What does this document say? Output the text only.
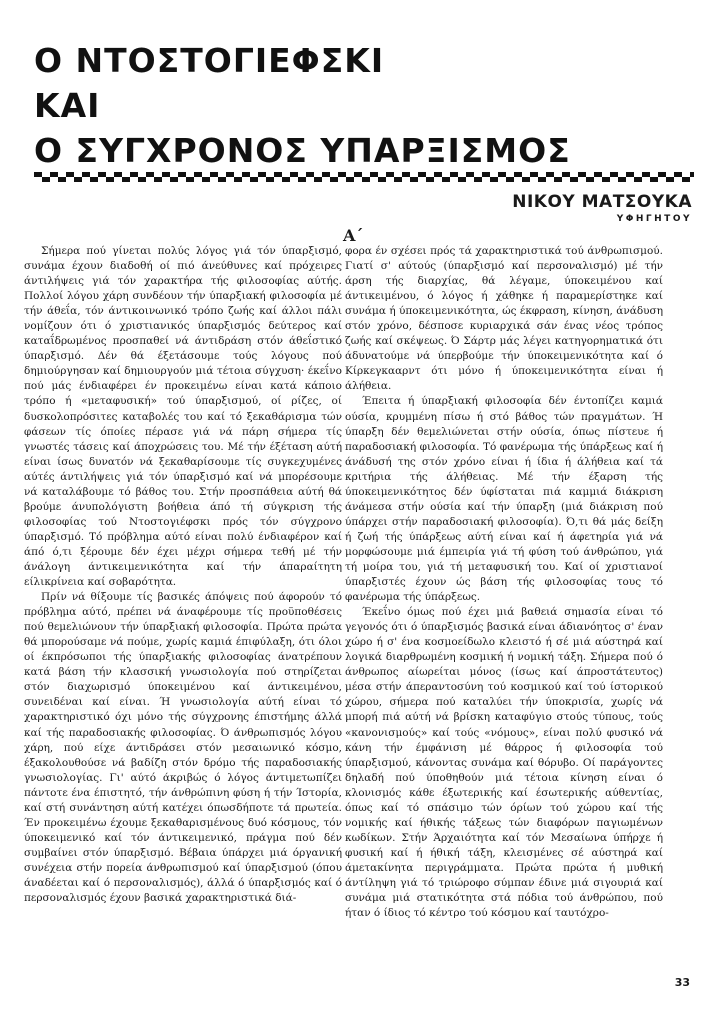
Ο ΝΤΟΣΤΟΓΙΕΦΣΚΙ
ΚΑΙ
Ο ΣΥΓΧΡΟΝΟΣ ΥΠΑΡΞΙΣΜΟΣ
ΝΙΚΟΥ ΜΑΤΣΟΥΚΑ
ΥΦΗΓΗΤΟΥ
Α΄

Σήμερα πού γίνεται πολύς λόγος γιά τόν ύπαρξισμό, συνάμα έχουν διαδοθή οί πιό άνεύθυνες καί πρόχειρες άντιλήψεις γιά τόν χαρακτήρα τής φιλοσοφίας αύτής. Πολλοί λόγου χάρη συνδέουν τήν ύπαρξιακή φιλοσοφία μέ τήν άθεΐα, τόν άντικοινωνικό τρόπο ζωής καί άλλοι πάλι νομίζουν ότι ό χριστιανικός ύπαρξισμός δεύτερος καί καταΐδρωμένος προσπαθεί νά άντιδράση στόν άθεΐστικό ύπαρξισμό. Δέν θά έξετάσουμε τούς λόγους πού δημιούργησαν καί δημιουργούν μιά τέτοια σύγχυση· έκεΐνο πού μάς ένδιαφέρει έν προκειμένω είναι κατά κάποιο τρόπο ή «μεταφυσική» τού ύπαρξισμού, οί ρίζες, οί δυσκολοπρόσιτες καταβολές του καί τό ξεκαθάρισμα τών φάσεων τίς όποίες πέρασε γιά νά πάρη σήμερα τίς γνωστές τάσεις καί άποχρώσεις του. Μέ τήν έξέταση αύτή είναι ίσως δυνατόν νά ξεκαθαρίσουμε τίς συγκεχυμένες αύτές άντιλήψεις γιά τόν ύπαρξισμό καί νά μπορέσουμε νά καταλάβουμε τό βάθος του. Στήν προσπάθεια αύτή θά βρούμε άνυπολόγιστη βοήθεια άπό τή σύγκριση τής φιλοσοφίας τού Ντοστογιέφσκι πρός τόν σύγχρονο ύπαρξισμό. Τό πρόβλημα αύτό είναι πολύ ένδιαφέρον καί άπό ό,τι ξέρουμε δέν έχει μέχρι σήμερα τεθή μέ τήν άνάλογη άντικειμενικότητα καί τήν άπαραίτητη είλικρίνεια καί σοβαρότητα.

Πρίν νά θίξουμε τίς βασικές άπόψεις πού άφορούν τό πρόβλημα αύτό, πρέπει νά άναφέρουμε τίς προϋποθέσεις πού θεμελιώνουν τήν ύπαρξιακή φιλοσοφία. Πρώτα πρώτα θά μπορούσαμε νά πούμε, χωρίς καμιά έπιφύλαξη, ότι όλοι οί έκπρόσωποι τής ύπαρξιακής φιλοσοφίας άνατρέπουν κατά βάση τήν κλασσική γνωσιολογία πού στηρίζεται στόν διαχωρισμό ύποκειμένου καί άντικειμένου, συνειδέναι καί είναι. Ή γνωσιολογία αύτή είναι τό χαρακτηριστικό όχι μόνο τής σύγχρονης έπιστήμης άλλά καί τής παραδοσιακής φιλοσοφίας. Ό άνθρωπισμός λόγου χάρη, πού είχε άντιδράσει στόν μεσαιωνικό κόσμο, έξακολουθούσε νά βαδίζη στόν δρόμο τής παραδοσιακής γνωσιολογίας. Γι' αύτό άκριβώς ό λόγος άντιμετωπίζει πάντοτε ένα έπιστητό, τήν άνθρώπινη φύση ή τήν Ίστορία, καί στή συνάντηση αύτή κατέχει όπωσδήποτε τά πρωτεία. Έν προκειμένω έχουμε ξεκαθαρισμένους δυό κόσμους, τόν ύποκειμενικό καί τόν άντικειμενικό, πράγμα πού δέν συμβαίνει στόν ύπαρξισμό. Βέβαια ύπάρχει μιά όργανική συνέχεια στήν πορεία άνθρωπισμού καί ύπαρξισμού (όπου άναδέεται καί ό περσοναλισμός), άλλά ό ύπαρξισμός καί ό περσοναλισμός έχουν βασικά χαρακτηριστικά διά-

φορα έν σχέσει πρός τά χαρακτηριστικά τού άνθρωπισμού. Γιατί σ' αύτούς (ύπαρξισμό καί περσοναλισμό) μέ τήν άρση τής διαρχίας, θά λέγαμε, ύποκειμένου καί άντικειμένου, ό λόγος ή χάθηκε ή παραμερίστηκε καί συνάμα ή ύποκειμενικότητα, ώς έκφραση, κίνηση, άνάδυση στόν χρόνο, δέσποσε κυριαρχικά σάν ένας νέος τρόπος ζωής καί σκέψεως. Ό Σάρτρ μάς λέγει κατηγορηματικά ότι άδυνατούμε νά ύπερβούμε τήν ύποκειμενικότητα καί ό Κίρκεγκααρντ ότι μόνο ή ύποκειμενικότητα είναι ή άλήθεια.

Έπειτα ή ύπαρξιακή φιλοσοφία δέν έντοπίζει καμιά ούσία, κρυμμένη πίσω ή στό βάθος τών πραγμάτων. Ή ύπαρξη δέν θεμελιώνεται στήν ούσία, όπως πίστευε ή παραδοσιακή φιλοσοφία. Τό φανέρωμα τής ύπάρξεως καί ή άνάδυσή της στόν χρόνο είναι ή ίδια ή άλήθεια καί τά κριτήρια τής άλήθειας. Μέ τήν έξαρση τής ύποκειμενικότητος δέν ύφίσταται πιά καμμιά διάκριση άνάμεσα στήν ούσία καί τήν ύπαρξη (μιά διάκριση πού ύπάρχει στήν παραδοσιακή φιλοσοφία). Ό,τι θά μάς δείξη ή ζωή τής ύπάρξεως αύτή είναι καί ή άφετηρία γιά νά μορφώσουμε μιά έμπειρία γιά τή φύση τού άνθρώπου, γιά τή μοίρα του, γιά τή μεταφυσική του. Καί οί χριστιανοί ύπαρξιστές έχουν ώς βάση τής φιλοσοφίας τους τό φανέρωμα τής ύπάρξεως.

Έκεΐνο όμως πού έχει μιά βαθειά σημασία είναι τό γεγονός ότι ό ύπαρξισμός βασικά είναι άδιανόητος σ' έναν χώρο ή σ' ένα κοσμοείδωλο κλειστό ή σέ μιά αύστηρά καί λογικά διαρθρωμένη κοσμική ή νομική τάξη. Σήμερα πού ό άνθρωπος αίωρείται μόνος (ίσως καί άπροστάτευτος) μέσα στήν άπεραντοσύνη τού κοσμικού καί τού ίστορικού χώρου, σήμερα πού καταλύει τήν ύποκρισία, χωρίς νά μπορή πιά αύτή νά βρίσκη καταφύγιο στούς τύπους, τούς «κανονισμούς» καί τούς «νόμους», είναι πολύ φυσικό νά κάνη τήν έμφάνιση μέ θάρρος ή φιλοσοφία τού ύπαρξισμού, κάνοντας συνάμα καί θόρυβο. Οί παράγοντες δηλαδή πού ύποθηθούν μιά τέτοια κίνηση είναι ό κλονισμός κάθε έξωτερικής καί έσωτερικής αύθεντίας, όπως καί τό σπάσιμο τών όρίων τού χώρου καί τής νομικής καί ήθικής τάξεως τών διαφόρων παγιωμένων κωδίκων. Στήν Άρχαιότητα καί τόν Μεσαίωνα ύπήρχε ή φυσική καί ή ήθική τάξη, κλεισμένες σέ αύστηρά καί άμετακίνητα περιγράμματα. Πρώτα πρώτα ή μυθική άντίληψη γιά τό τριώροφο σύμπαν έδινε μιά σιγουριά καί συνάμα μιά στατικότητα στά πόδια τού άνθρώπου, πού ήταν ό ίδιος τό κέντρο τού κόσμου καί ταυτόχρο-

33
